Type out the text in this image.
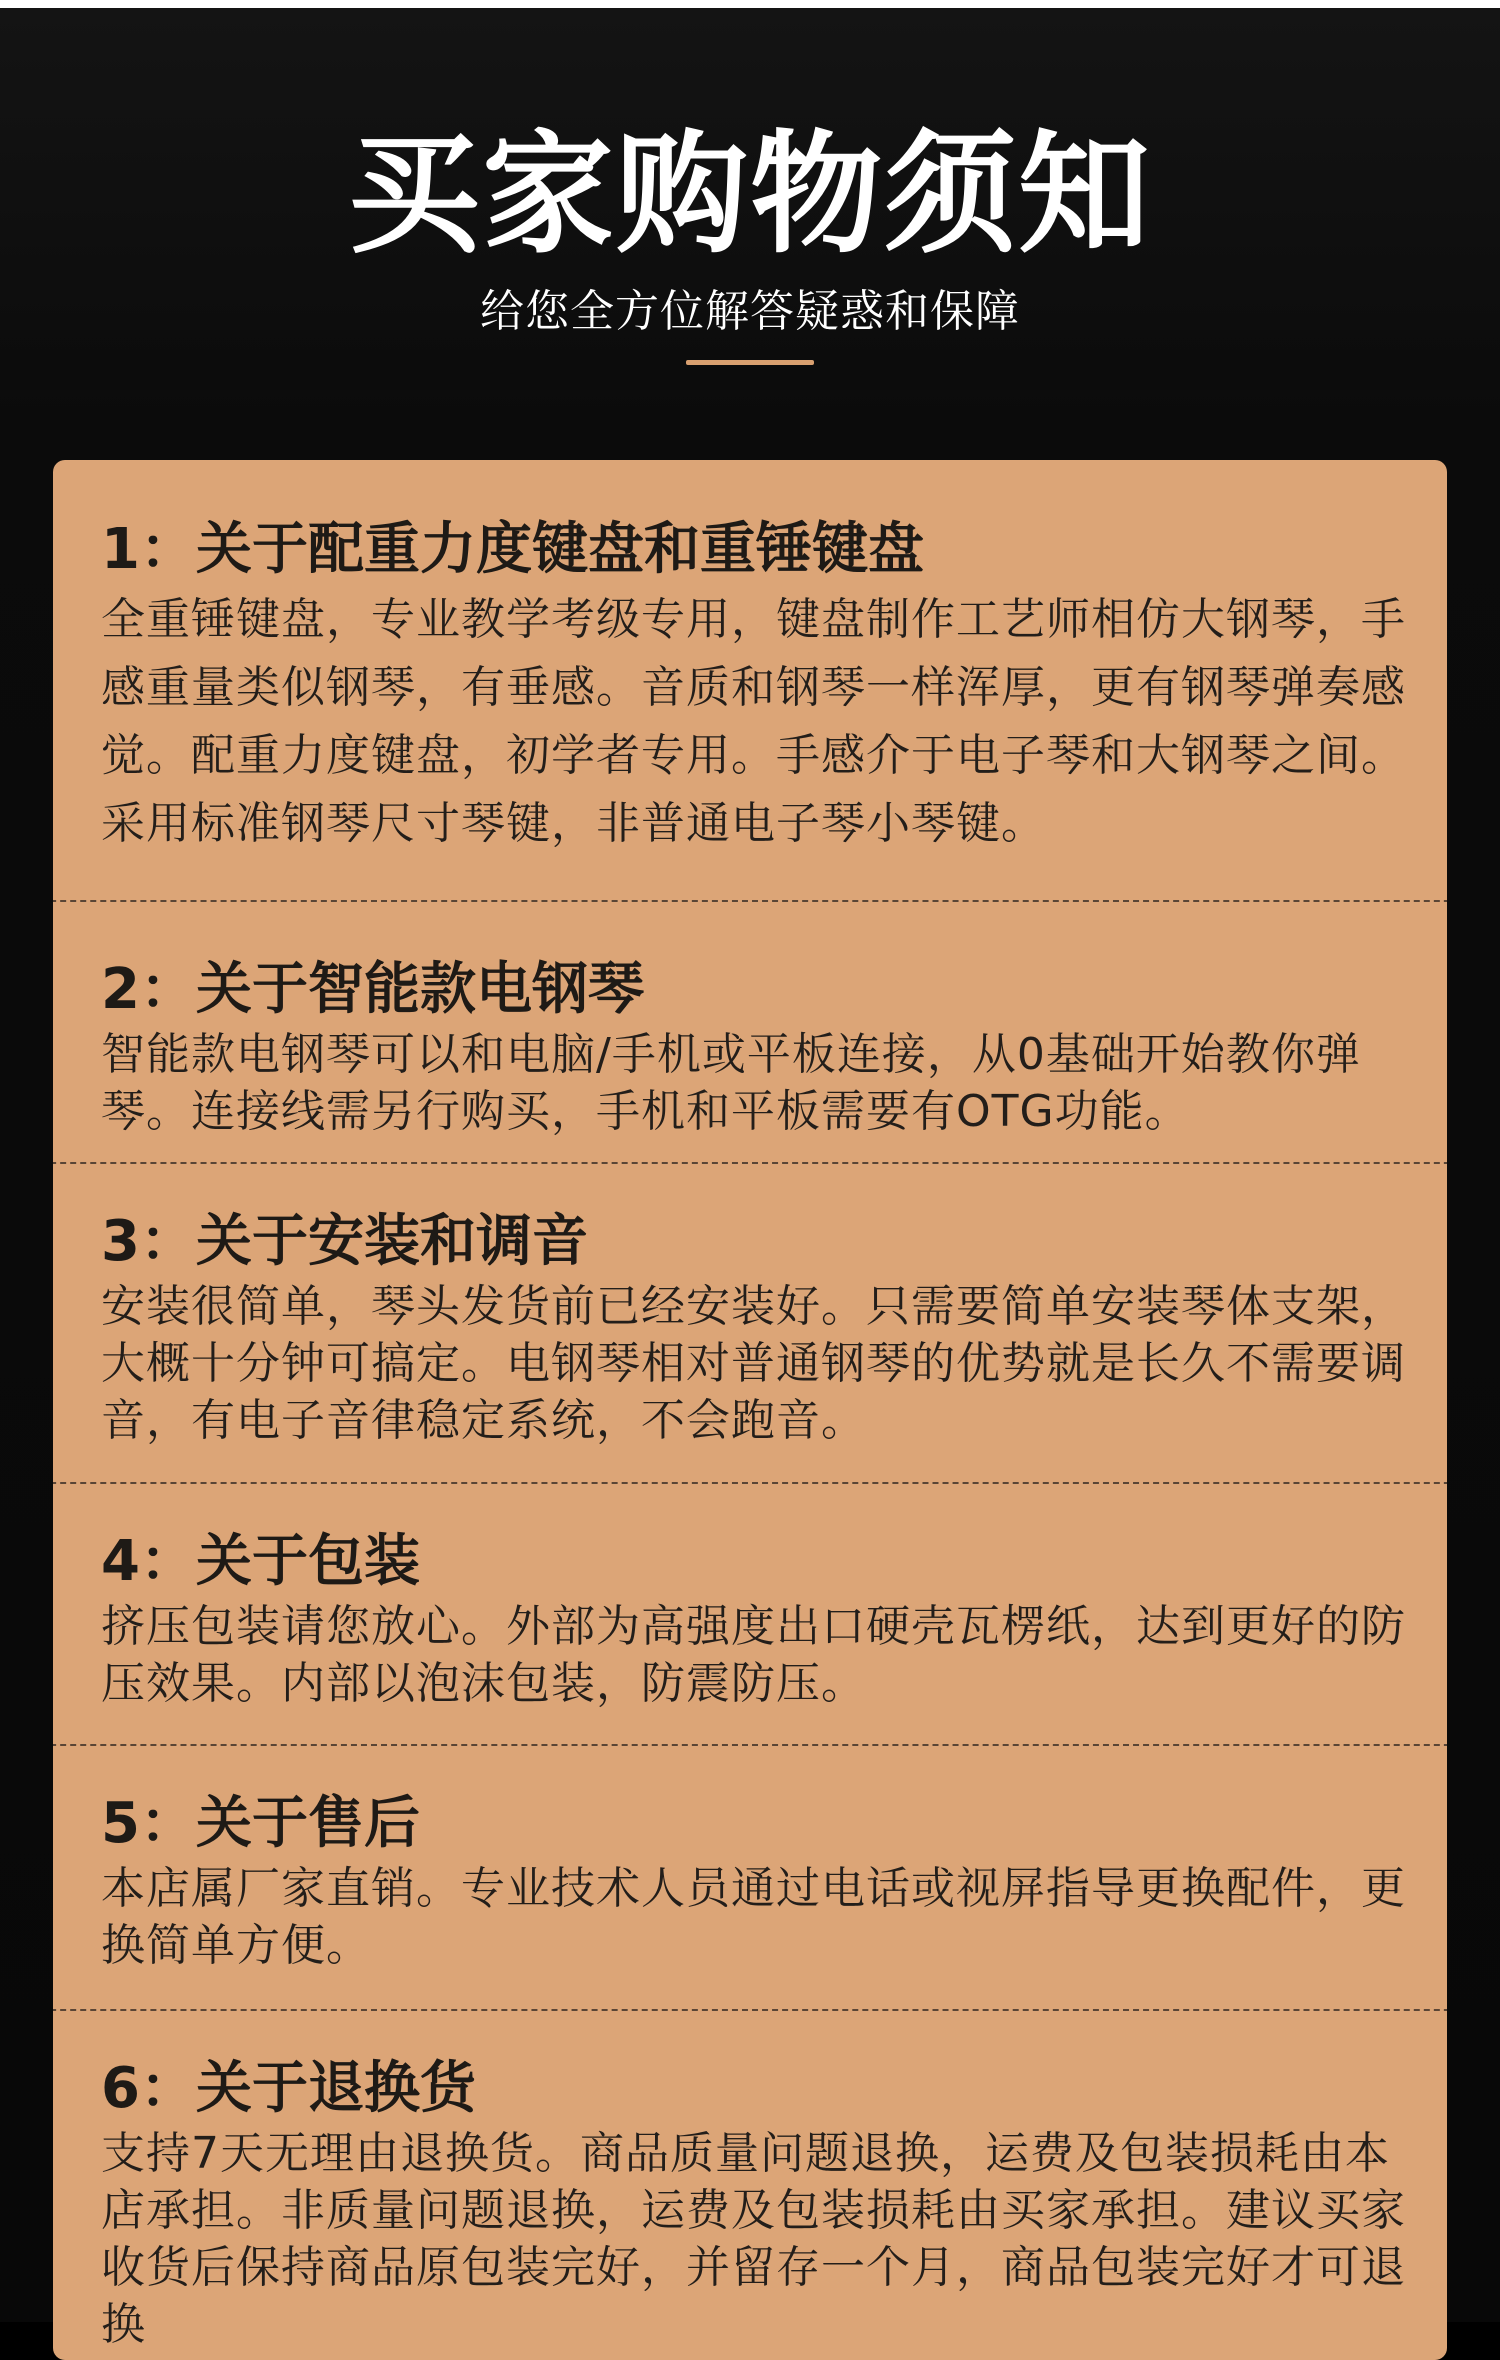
买家购物须知
给您全方位解答疑惑和保障
1：关于配重力度键盘和重锤键盘

全重锤键盘，专业教学考级专用，键盘制作工艺师相仿大钢琴，手感重量类似钢琴，有垂感。音质和钢琴一样浑厚，更有钢琴弹奏感觉。配重力度键盘，初学者专用。手感介于电子琴和大钢琴之间。采用标准钢琴尺寸琴键，非普通电子琴小琴键。

2：关于智能款电钢琴

智能款电钢琴可以和电脑/手机或平板连接，从0基础开始教你弹琴。连接线需另行购买，手机和平板需要有OTG功能。

3：关于安装和调音

安装很简单，琴头发货前已经安装好。只需要简单安装琴体支架，大概十分钟可搞定。电钢琴相对普通钢琴的优势就是长久不需要调音，有电子音律稳定系统，不会跑音。

4：关于包装

挤压包装请您放心。外部为高强度出口硬壳瓦楞纸，达到更好的防压效果。内部以泡沫包装，防震防压。

5：关于售后

本店属厂家直销。专业技术人员通过电话或视屏指导更换配件，更换简单方便。

6：关于退换货

支持7天无理由退换货。商品质量问题退换，运费及包装损耗由本店承担。非质量问题退换，运费及包装损耗由买家承担。建议买家收货后保持商品原包装完好，并留存一个月，商品包装完好才可退换
